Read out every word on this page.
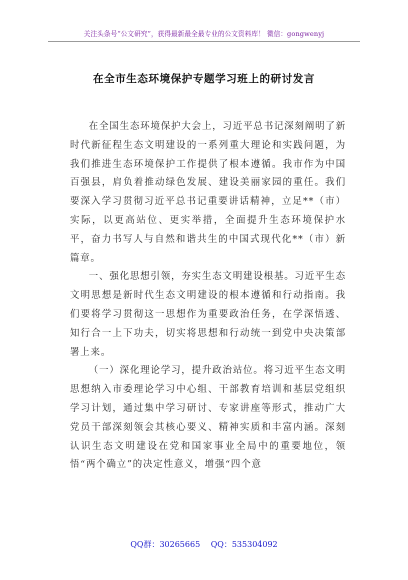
关注头条号“公文研究”，获得最新最全最专业的公文资料库！ 微信：gongwenyj
在全市生态环境保护专题学习班上的研讨发言

在全国生态环境保护大会上，习近平总书记深刻阐明了新时代新征程生态文明建设的一系列重大理论和实践问题，为我们推进生态环境保护工作提供了根本遵循。我市作为中国百强县，肩负着推动绿色发展、建设美丽家园的重任。我们要深入学习贯彻习近平总书记重要讲话精神，立足**（市）实际，以更高站位、更实举措，全面提升生态环境保护水平，奋力书写人与自然和谐共生的中国式现代化**（市）新篇章。

一、强化思想引领，夯实生态文明建设根基。习近平生态文明思想是新时代生态文明建设的根本遵循和行动指南。我们要将学习贯彻这一思想作为重要政治任务，在学深悟透、知行合一上下功夫，切实将思想和行动统一到党中央决策部署上来。

（一）深化理论学习，提升政治站位。将习近平生态文明思想纳入市委理论学习中心组、干部教育培训和基层党组织学习计划，通过集中学习研讨、专家讲座等形式，推动广大党员干部深刻领会其核心要义、精神实质和丰富内涵。深刻认识生态文明建设在党和国家事业全局中的重要地位，领悟“两个确立”的决定性意义，增强“四个意

QQ群：30265665 QQ：535304092
